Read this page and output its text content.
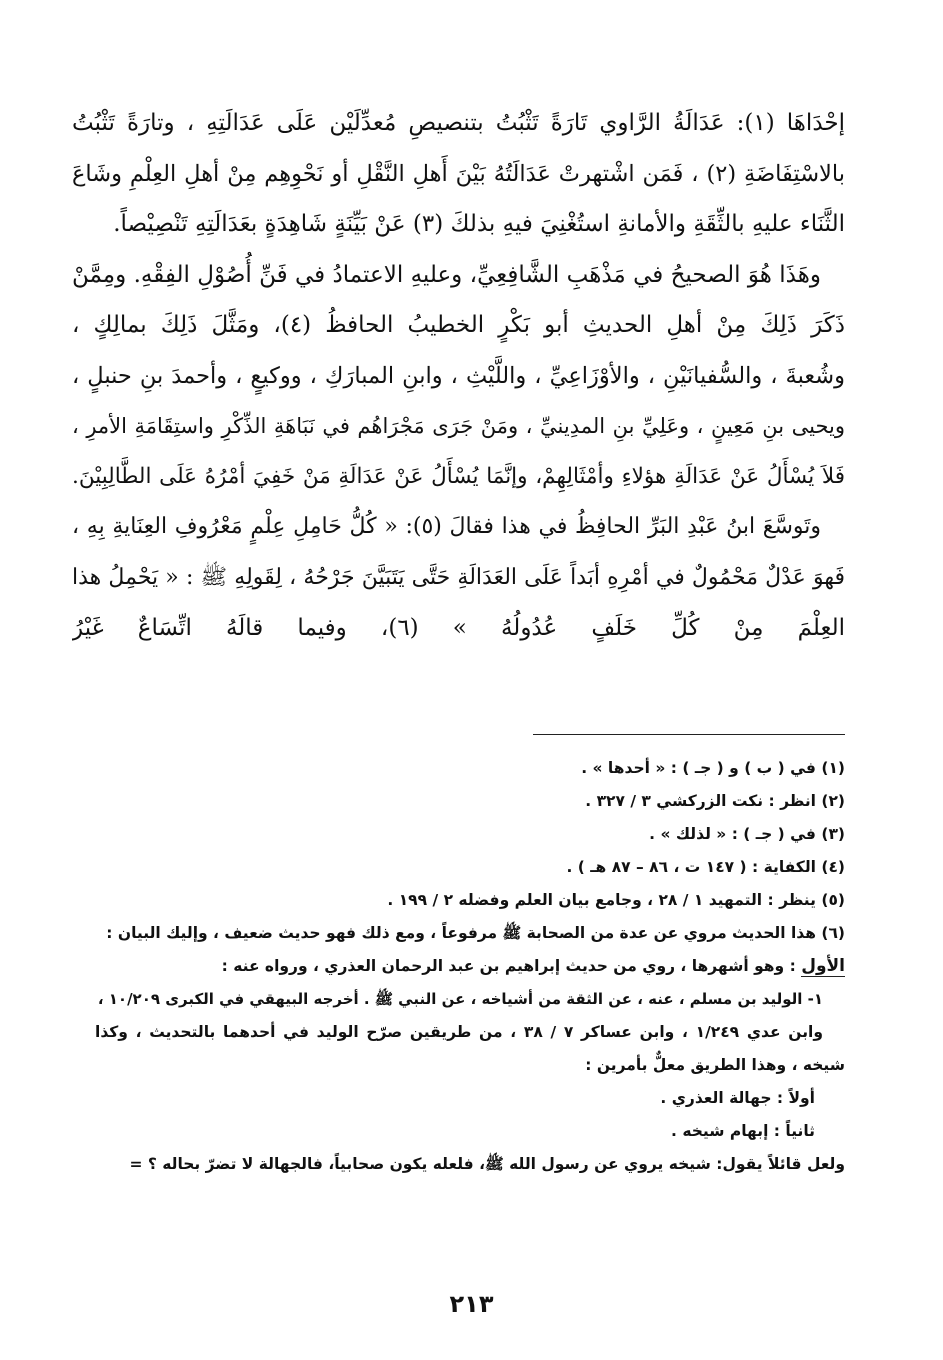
إحْدَاهَا (١): عَدَالَةُ الرَّاوي تَارَةً تَثْبُتُ بتنصيصِ مُعدِّلَيْن عَلَى عَدَالَتِهِ ، وتارَةً تَثْبُتُ
بالاسْتِفَاضَةِ (٢) ، فَمَن اشْتهرتْ عَدَالَتُهُ بَيْنَ أَهلِ النَّقْلِ أو نَحْوِهِم مِنْ أهلِ العِلْمِ وشَاعَ
الثَّنَاء عليهِ بالثِّقَةِ والأمانةِ استُغْنِيَ فيهِ بذلكَ (٣) عَنْ بَيِّنَةٍ شَاهِدَةٍ بعَدَالَتِهِ تَنْصِيْصاً.
وهَذَا هُوَ الصحيحُ في مَذْهَبِ الشَّافِعِيِّ، وعليهِ الاعتمادُ في فَنِّ أُصُوْلِ الفِقْهِ. ومِمَّنْ
ذَكَرَ ذَلِكَ مِنْ أهلِ الحديثِ أبو بَكْرٍ الخطيبُ الحافظُ (٤)، ومَثَّلَ ذَلِكَ بمالِكٍ ،
وشُعبةَ ، والسُّفيانَيْنِ ، والأوْزَاعِيِّ ، واللَّيْثِ ، وابنِ المبارَكِ ، ووكيعٍ ، وأحمدَ بنِ حنبلٍ ،
ويحيى بنِ مَعِينٍ ، وعَلِيِّ بنِ المدِينيِّ ، ومَنْ جَرَى مَجْرَاهُم في نَبَاهَةِ الذِّكْرِ واستِقَامَةِ الأمرِ ،
فَلاَ يُسْأَلُ عَنْ عَدَالَةِ هؤلاءِ وأمْثَالِهِمْ، وإنَّمَا يُسْأَلُ عَنْ عَدَالَةِ مَنْ خَفِيَ أمْرُهُ عَلَى الطَّالِبِيْنَ.
وتَوسَّعَ ابنُ عَبْدِ البَرِّ الحافِظُ في هذا فقالَ (٥): « كُلُّ حَامِلِ عِلْمٍ مَعْرُوفِ العِنَايةِ بِهِ ،
فَهوَ عَدْلٌ مَحْمُولٌ في أمْرِهِ أبَداً عَلَى العَدَالَةِ حَتَّى يَتَبَيَّنَ جَرْحُهُ ، لِقَولِهِ ﷺ : « يَحْمِلُ هذا
العِلْمَ مِنْ كُلِّ خَلَفٍ عُدُولُهُ » (٦)، وفيما قالَهُ اتِّسَاعٌ غَيْرُ
(١) في ( ب ) و ( جـ ) : « أحدها » .
(٢) انظر : نكت الزركشي ٣ / ٣٢٧ .
(٣) في ( جـ ) : « لذلك » .
(٤) الكفاية : ( ١٤٧ ت ، ٨٦ – ٨٧ هـ ) .
(٥) ينظر : التمهيد ١ / ٢٨ ، وجامع بيان العلم وفضله ٢ / ١٩٩ .
(٦) هذا الحديث مروي عن عدة من الصحابة ﷺ مرفوعاً ، ومع ذلك فهو حديث ضعيف ، وإليك البيان :
الأول : وهو أشهرها ، روي من حديث إبراهيم بن عبد الرحمان العذري ، ورواه عنه :
١- الوليد بن مسلم ، عنه ، عن الثقة من أشياخه ، عن النبي ﷺ . أخرجه البيهقي في الكبرى ١٠/٢٠٩ ،
وابن عدي ١/٢٤٩ ، وابن عساكر ٧ / ٣٨ ، من طريقين صرّح الوليد في أحدهما بالتحديث ، وكذا
شيخه ، وهذا الطريق معلٌّ بأمرين :
أولاً : جهالة العذري .
ثانياً : إبهام شيخه .
ولعل قائلاً يقول: شيخه يروي عن رسول الله ﷺ، فلعله يكون صحابياً، فالجهالة لا تضرّ بحاله ؟ =
٢١٣
